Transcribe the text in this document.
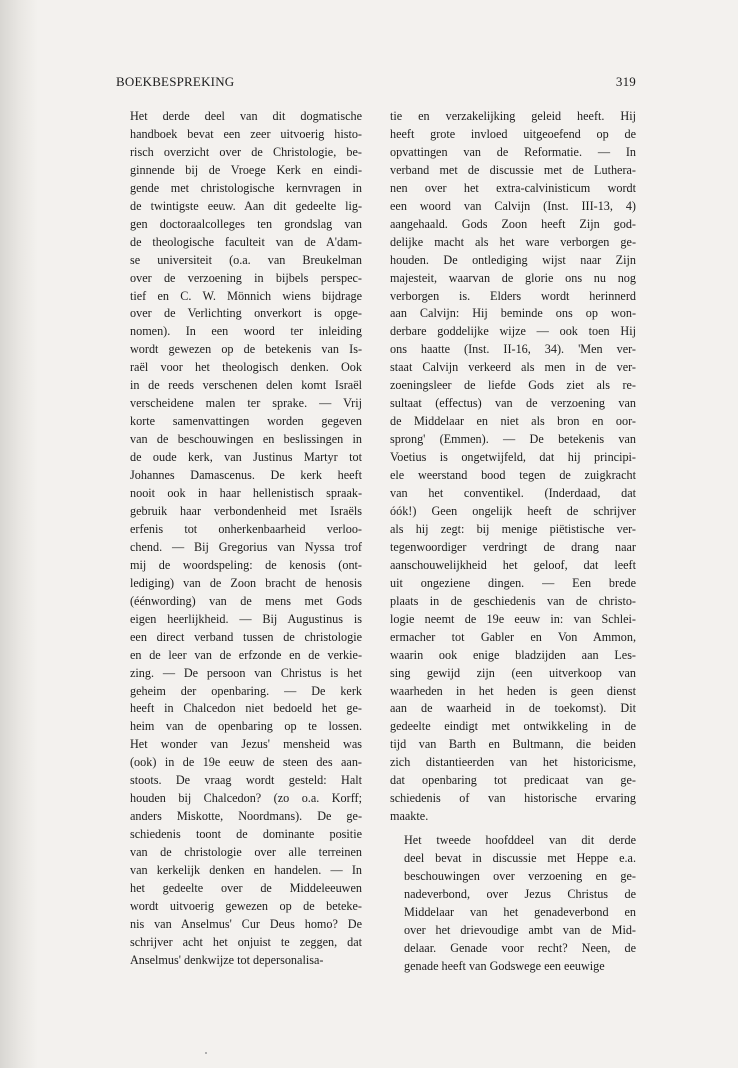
BOEKBESPREKING	319

Het derde deel van dit dogmatische
handboek bevat een zeer uitvoerig histo-
risch overzicht over de Christologie, be-
ginnende bij de Vroege Kerk en eindi-
gende met christologische kernvragen in
de twintigste eeuw. Aan dit gedeelte lig-
gen doctoraalcolleges ten grondslag van
de theologische faculteit van de A'dam-
se universiteit (o.a. van Breukelman
over de verzoening in bijbels perspec-
tief en C. W. Mönnich wiens bijdrage
over de Verlichting onverkort is opge-
nomen). In een woord ter inleiding
wordt gewezen op de betekenis van Is-
raël voor het theologisch denken. Ook
in de reeds verschenen delen komt Israël
verscheidene malen ter sprake. — Vrij
korte samenvattingen worden gegeven
van de beschouwingen en beslissingen in
de oude kerk, van Justinus Martyr tot
Johannes Damascenus. De kerk heeft
nooit ook in haar hellenistisch spraak-
gebruik haar verbondenheid met Israëls
erfenis tot onherkenbaarheid verloo-
chend. — Bij Gregorius van Nyssa trof
mij de woordspeling: de kenosis (ont-
lediging) van de Zoon bracht de henosis
(éénwording) van de mens met Gods
eigen heerlijkheid. — Bij Augustinus is
een direct verband tussen de christologie
en de leer van de erfzonde en de verkie-
zing. — De persoon van Christus is het
geheim der openbaring. — De kerk
heeft in Chalcedon niet bedoeld het ge-
heim van de openbaring op te lossen.
Het wonder van Jezus' mensheid was
(ook) in de 19e eeuw de steen des aan-
stoots. De vraag wordt gesteld: Halt
houden bij Chalcedon? (zo o.a. Korff;
anders Miskotte, Noordmans). De ge-
schiedenis toont de dominante positie
van de christologie over alle terreinen
van kerkelijk denken en handelen. — In
het gedeelte over de Middeleeuwen
wordt uitvoerig gewezen op de beteke-
nis van Anselmus' Cur Deus homo? De
schrijver acht het onjuist te zeggen, dat
Anselmus' denkwijze tot depersonalisa-

tie en verzakelijking geleid heeft. Hij
heeft grote invloed uitgeoefend op de
opvattingen van de Reformatie. — In
verband met de discussie met de Luthera-
nen over het extra-calvinisticum wordt
een woord van Calvijn (Inst. III-13, 4)
aangehaald. Gods Zoon heeft Zijn god-
delijke macht als het ware verborgen ge-
houden. De ontlediging wijst naar Zijn
majesteit, waarvan de glorie ons nu nog
verborgen is. Elders wordt herinnerd
aan Calvijn: Hij beminde ons op won-
derbare goddelijke wijze — ook toen Hij
ons haatte (Inst. II-16, 34). 'Men ver-
staat Calvijn verkeerd als men in de ver-
zoeningsleer de liefde Gods ziet als re-
sultaat (effectus) van de verzoening van
de Middelaar en niet als bron en oor-
sprong' (Emmen). — De betekenis van
Voetius is ongetwijfeld, dat hij principi-
ele weerstand bood tegen de zuigkracht
van het conventikel. (Inderdaad, dat
óók!) Geen ongelijk heeft de schrijver
als hij zegt: bij menige piëtistische ver-
tegenwoordiger verdringt de drang naar
aanschouwelijkheid het geloof, dat leeft
uit ongeziene dingen. — Een brede
plaats in de geschiedenis van de christo-
logie neemt de 19e eeuw in: van Schlei-
ermacher tot Gabler en Von Ammon,
waarin ook enige bladzijden aan Les-
sing gewijd zijn (een uitverkoop van
waarheden in het heden is geen dienst
aan de waarheid in de toekomst). Dit
gedeelte eindigt met ontwikkeling in de
tijd van Barth en Bultmann, die beiden
zich distantieerden van het historicisme,
dat openbaring tot predicaat van ge-
schiedenis of van historische ervaring
maakte.

Het tweede hoofddeel van dit derde
deel bevat in discussie met Heppe e.a.
beschouwingen over verzoening en ge-
nadeverbond, over Jezus Christus de
Middelaar van het genadeverbond en
over het drievoudige ambt van de Mid-
delaar. Genade voor recht? Neen, de
genade heeft van Godswege een eeuwige
